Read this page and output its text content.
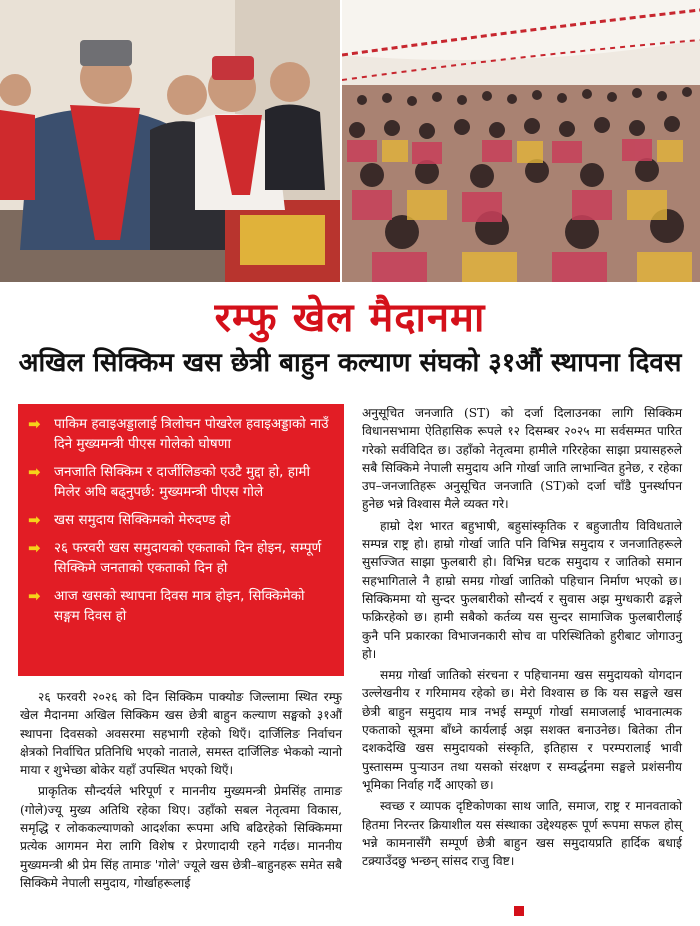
रम्फु खेल मैदानमा
अखिल सिक्किम खस छेत्री बाहुन कल्याण संघको ३१औं स्थापना दिवस
➡ पाकिम हवाइअड्डालाई त्रिलोचन पोखरेल हवाइअड्डाको नाउँ दिने मुख्यमन्त्री पीएस गोलेको घोषणा
➡ जनजाति सिक्किम र दार्जीलिङको एउटै मुद्दा हो, हामी मिलेर अघि बढ्नुपर्छ: मुख्यमन्त्री पीएस गोले
➡ खस समुदाय सिक्किमको मेरुदण्ड हो
➡ २६ फरवरी खस समुदायको एकताको दिन होइन, सम्पूर्ण सिक्किमे जनताको एकताको दिन हो
➡ आज खसको स्थापना दिवस मात्र होइन, सिक्किमेको सङ्गम दिवस हो

२६ फरवरी २०२६ को दिन सिक्किम पाक्योङ जिल्लामा स्थित रम्फु खेल मैदानमा अखिल सिक्किम खस छेत्री बाहुन कल्याण सङ्घको ३१औं स्थापना दिवसको अवसरमा सहभागी रहेको थिएँ। दार्जिलिङ निर्वाचन क्षेत्रको निर्वाचित प्रतिनिधि भएको नाताले, समस्त दार्जिलिङ भेकको न्यानो माया र शुभेच्छा बोकेर यहाँ उपस्थित भएको थिएँ।

प्राकृतिक सौन्दर्यले भरिपूर्ण र माननीय मुख्यमन्त्री प्रेमसिंह तामाङ (गोले)ज्यू मुख्य अतिथि रहेका थिए। उहाँको सबल नेतृत्वमा विकास, समृद्धि र लोककल्याणको आदर्शका रूपमा अघि बढिरहेको सिक्किममा प्रत्येक आगमन मेरा लागि विशेष र प्रेरणादायी रहने गर्दछ। माननीय मुख्यमन्त्री श्री प्रेम सिंह तामाङ 'गोले' ज्यूले खस छेत्री–बाहुनहरू समेत सबै सिक्किमे नेपाली समुदाय, गोर्खाहरूलाई

अनुसूचित जनजाति (ST) को दर्जा दिलाउनका लागि सिक्किम विधानसभामा ऐतिहासिक रूपले १२ दिसम्बर २०२५ मा सर्वसम्मत पारित गरेको सर्वविदित छ। उहाँको नेतृत्वमा हामीले गरिरहेका साझा प्रयासहरुले सबै सिक्किमे नेपाली समुदाय अनि गोर्खा जाति लाभान्वित हुनेछ, र रहेका उप–जनजातिहरू अनुसूचित जनजाति (ST)को दर्जा चाँडै पुनर्स्थापन हुनेछ भन्ने विश्वास मैले व्यक्त गरे।

हाम्रो देश भारत बहुभाषी, बहुसांस्कृतिक र बहुजातीय विविधताले सम्पन्न राष्ट्र हो। हाम्रो गोर्खा जाति पनि विभिन्न समुदाय र जनजातिहरूले सुसज्जित साझा फुलबारी हो। विभिन्न घटक समुदाय र जातिको समान सहभागिताले नै हाम्रो समग्र गोर्खा जातिको पहिचान निर्माण भएको छ। सिक्किममा यो सुन्दर फुलबारीको सौन्दर्य र सुवास अझ मुग्धकारी ढङ्गले फक्रिरहेको छ। हामी सबैको कर्तव्य यस सुन्दर सामाजिक फुलबारीलाई कुनै पनि प्रकारका विभाजनकारी सोच वा परिस्थितिको हुरीबाट जोगाउनु हो।

समग्र गोर्खा जातिको संरचना र पहिचानमा खस समुदायको योगदान उल्लेखनीय र गरिमामय रहेको छ। मेरो विश्वास छ कि यस सङ्घले खस छेत्री बाहुन समुदाय मात्र नभई सम्पूर्ण गोर्खा समाजलाई भावनात्मक एकताको सूत्रमा बाँध्ने कार्यलाई अझ सशक्त बनाउनेछ। बितेका तीन दशकदेखि खस समुदायको संस्कृति, इतिहास र परम्परालाई भावी पुस्तासम्म पुऱ्याउन तथा यसको संरक्षण र सम्वर्द्धनमा सङ्घले प्रशंसनीय भूमिका निर्वाह गर्दै आएको छ।

स्वच्छ र व्यापक दृष्टिकोणका साथ जाति, समाज, राष्ट्र र मानवताको हितमा निरन्तर क्रियाशील यस संस्थाका उद्देश्यहरू पूर्ण रूपमा सफल होस् भन्ने कामनासँगै सम्पूर्ण छेत्री बाहुन खस समुदायप्रति हार्दिक बधाई टक्र्याउँदछु भन्छन् सांसद राजु विष्ट।
